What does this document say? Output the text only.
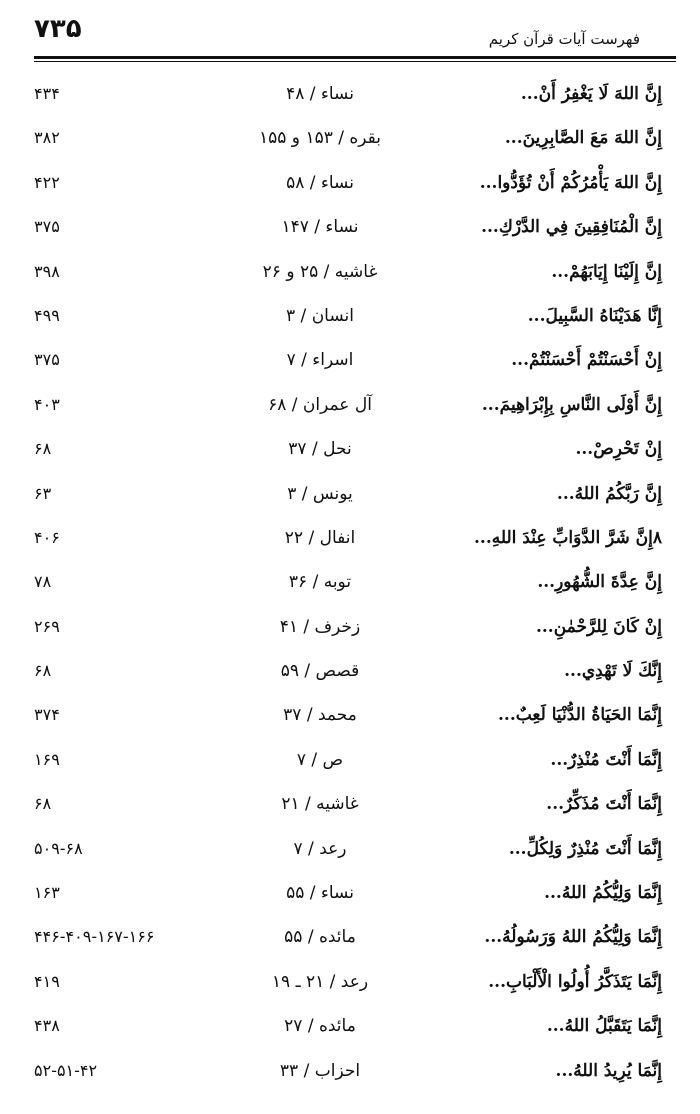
۷۳۵	فهرست آیات قرآن کریم
إِنَّ اللهَ لَا يَغْفِرُ أَنْ...
نساء / ۴۸
۴۳۴
إِنَّ اللهَ مَعَ الصَّابِرِينَ...
بقره / ۱۵۳ و ۱۵۵
۳۸۲
إِنَّ اللهَ يَأْمُرُكُمْ أَنْ تُؤَدُّوا...
نساء / ۵۸
۴۲۲
إِنَّ الْمُنَافِقِينَ فِي الدَّرْكِ...
نساء / ۱۴۷
۳۷۵
إِنَّ إِلَيْنَا إِيَابَهُمْ...
غاشیه / ۲۵ و ۲۶
۳۹۸
إِنَّا هَدَيْنَاهُ السَّبِيلَ...
انسان / ۳
۴۹۹
إِنْ أَحْسَنْتُمْ أَحْسَنْتُمْ...
اسراء / ۷
۳۷۵
إِنَّ أَوْلَى النَّاسِ بِإِبْرَاهِيمَ...
آل عمران / ۶۸
۴۰۳
إِنْ تَحْرِصْ...
نحل / ۳۷
۶۸
إِنَّ رَبَّكُمُ اللهُ...
یونس / ۳
۶۳
۸إِنَّ شَرَّ الدَّوَابِّ عِنْدَ اللهِ...
انفال / ۲۲
۴۰۶
إِنَّ عِدَّةَ الشُّهُورِ...
توبه / ۳۶
۷۸
إِنْ كَانَ لِلرَّحْمٰنِ...
زخرف / ۴۱
۲۶۹
إِنَّكَ لَا تَهْدِي...
قصص / ۵۹
۶۸
إِنَّمَا الحَيَاةُ الدُّنْيَا لَعِبٌ...
محمد / ۳۷
۳۷۴
إِنَّمَا أَنْتَ مُنْذِرٌ...
ص / ۷
۱۶۹
إِنَّمَا أَنْتَ مُذَكِّرٌ...
غاشیه / ۲۱
۶۸
إِنَّمَا أَنْتَ مُنْذِرٌ وَلِكُلِّ...
رعد / ۷
۵۰۹-۶۸
إِنَّمَا وَلِيُّكُمُ اللهُ...
نساء / ۵۵
۱۶۳
إِنَّمَا وَلِيُّكُمُ اللهُ وَرَسُولُهُ...
مائده / ۵۵
۴۴۶-۴۰۹-۱۶۷-۱۶۶
إِنَّمَا يَتَذَكَّرُ أُولُوا الْأَلْبَابِ...
رعد / ۲۱ ـ ۱۹
۴۱۹
إِنَّمَا يَتَقَبَّلُ اللهُ...
مائده / ۲۷
۴۳۸
إِنَّمَا يُرِيدُ اللهُ...
احزاب / ۳۳
۵۲-۵۱-۴۲
